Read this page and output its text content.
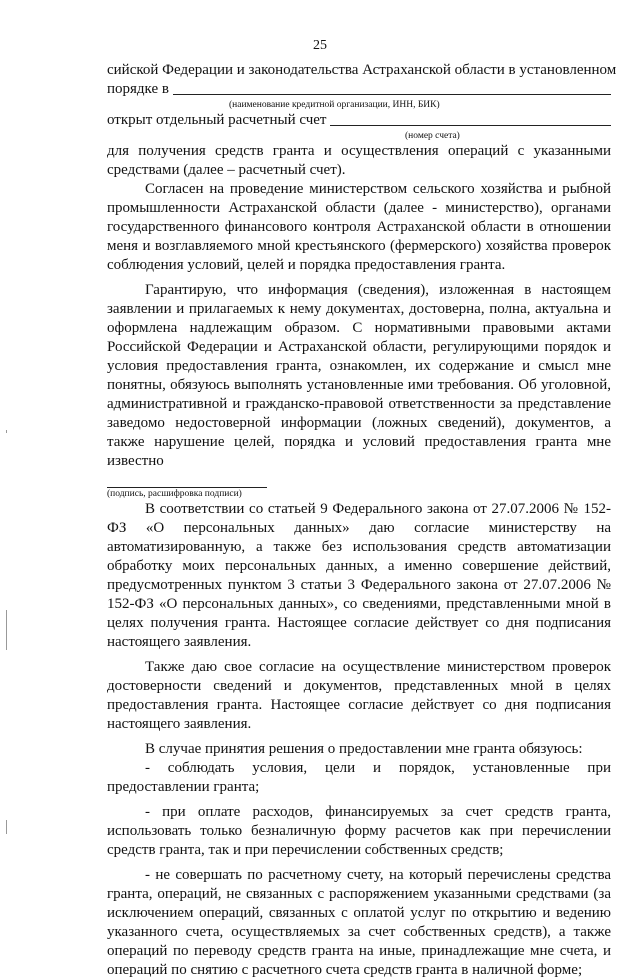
25
сийской Федерации и законодательства Астраханской области в установленном
порядке в
(наименование кредитной организации, ИНН, БИК)
открыт отдельный расчетный счет
(номер счета)

для получения средств гранта и осуществления операций с указанными средствами (далее – расчетный счет).

Согласен на проведение министерством сельского хозяйства и рыбной промышленности Астраханской области (далее - министерство), органами государственного финансового контроля Астраханской области в отношении меня и возглавляемого мной крестьянского (фермерского) хозяйства проверок соблюдения условий, целей и порядка предоставления гранта.

Гарантирую, что информация (сведения), изложенная в настоящем заявлении и прилагаемых к нему документах, достоверна, полна, актуальна и оформлена надлежащим образом. С нормативными правовыми актами Российской Федерации и Астраханской области, регулирующими порядок и условия предоставления гранта, ознакомлен, их содержание и смысл мне понятны, обязуюсь выполнять установленные ими требования. Об уголовной, административной и гражданско-правовой ответственности за представление заведомо недостоверной информации (ложных сведений), документов, а также нарушение целей, порядка и условий предоставления гранта мне известно

(подпись, расшифровка подписи)

В соответствии со статьей 9 Федерального закона от 27.07.2006 № 152-ФЗ «О персональных данных» даю согласие министерству на автоматизированную, а также без использования средств автоматизации обработку моих персональных данных, а именно совершение действий, предусмотренных пунктом 3 статьи 3 Федерального закона от 27.07.2006 № 152-ФЗ «О персональных данных», со сведениями, представленными мной в целях получения гранта. Настоящее согласие действует со дня подписания настоящего заявления.

Также даю свое согласие на осуществление министерством проверок достоверности сведений и документов, представленных мной в целях предоставления гранта. Настоящее согласие действует со дня подписания настоящего заявления.

В случае принятия решения о предоставлении мне гранта обязуюсь:

- соблюдать условия, цели и порядок, установленные при предоставлении гранта;

- при оплате расходов, финансируемых за счет средств гранта, использовать только безналичную форму расчетов как при перечислении средств гранта, так и при перечислении собственных средств;

- не совершать по расчетному счету, на который перечислены средства гранта, операций, не связанных с распоряжением указанными средствами (за исключением операций, связанных с оплатой услуг по открытию и ведению указанного счета, осуществляемых за счет собственных средств), а также операций по переводу средств гранта на иные, принадлежащие мне счета, и операций по снятию с расчетного счета средств гранта в наличной форме;
